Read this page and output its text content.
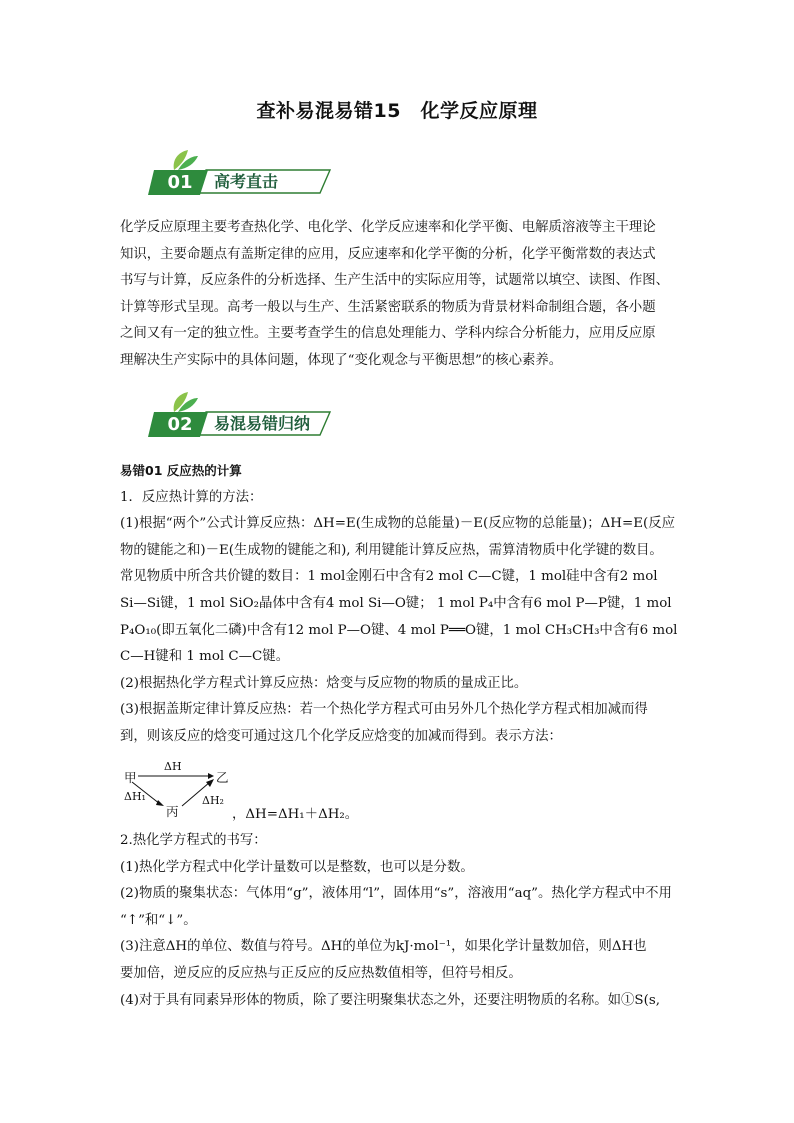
查补易混易错15　化学反应原理
01	高考直击
化学反应原理主要考查热化学、电化学、化学反应速率和化学平衡、电解质溶液等主干理论
知识，主要命题点有盖斯定律的应用，反应速率和化学平衡的分析，化学平衡常数的表达式
书写与计算，反应条件的分析选择、生产生活中的实际应用等，试题常以填空、读图、作图、
计算等形式呈现。高考一般以与生产、生活紧密联系的物质为背景材料命制组合题，各小题
之间又有一定的独立性。主要考查学生的信息处理能力、学科内综合分析能力，应用反应原
理解决生产实际中的具体问题，体现了“变化观念与平衡思想”的核心素养。
02	易混易错归纳
易错01 反应热的计算
1．反应热计算的方法：
(1)根据“两个”公式计算反应热：ΔH=E(生成物的总能量)－E(反应物的总能量)；ΔH=E(反应
物的键能之和)－E(生成物的键能之和), 利用键能计算反应热，需算清物质中化学键的数目。
常见物质中所含共价键的数目：1 mol金刚石中含有2 mol C—C键，1 mol硅中含有2 mol
Si—Si键，1 mol SiO₂晶体中含有4 mol Si—O键； 1 mol P₄中含有6 mol P—P键，1 mol
P₄O₁₀(即五氧化二磷)中含有12 mol P—O键、4 mol P══O键，1 mol CH₃CH₃中含有6 mol
C—H键和 1 mol C—C键。
(2)根据热化学方程式计算反应热：焓变与反应物的物质的量成正比。
(3)根据盖斯定律计算反应热：若一个热化学方程式可由另外几个热化学方程式相加减而得
到，则该反应的焓变可通过这几个化学反应焓变的加减而得到。表示方法：
甲	乙
丙
ΔH
ΔH₁	ΔH₂
，ΔH=ΔH₁＋ΔH₂。
2.热化学方程式的书写：
(1)热化学方程式中化学计量数可以是整数，也可以是分数。
(2)物质的聚集状态：气体用“g”，液体用“l”，固体用“s”，溶液用“aq”。热化学方程式中不用
“↑”和“↓”。
(3)注意ΔH的单位、数值与符号。ΔH的单位为kJ·mol⁻¹，如果化学计量数加倍，则ΔH也
要加倍，逆反应的反应热与正反应的反应热数值相等，但符号相反。
(4)对于具有同素异形体的物质，除了要注明聚集状态之外，还要注明物质的名称。如①S(s,
